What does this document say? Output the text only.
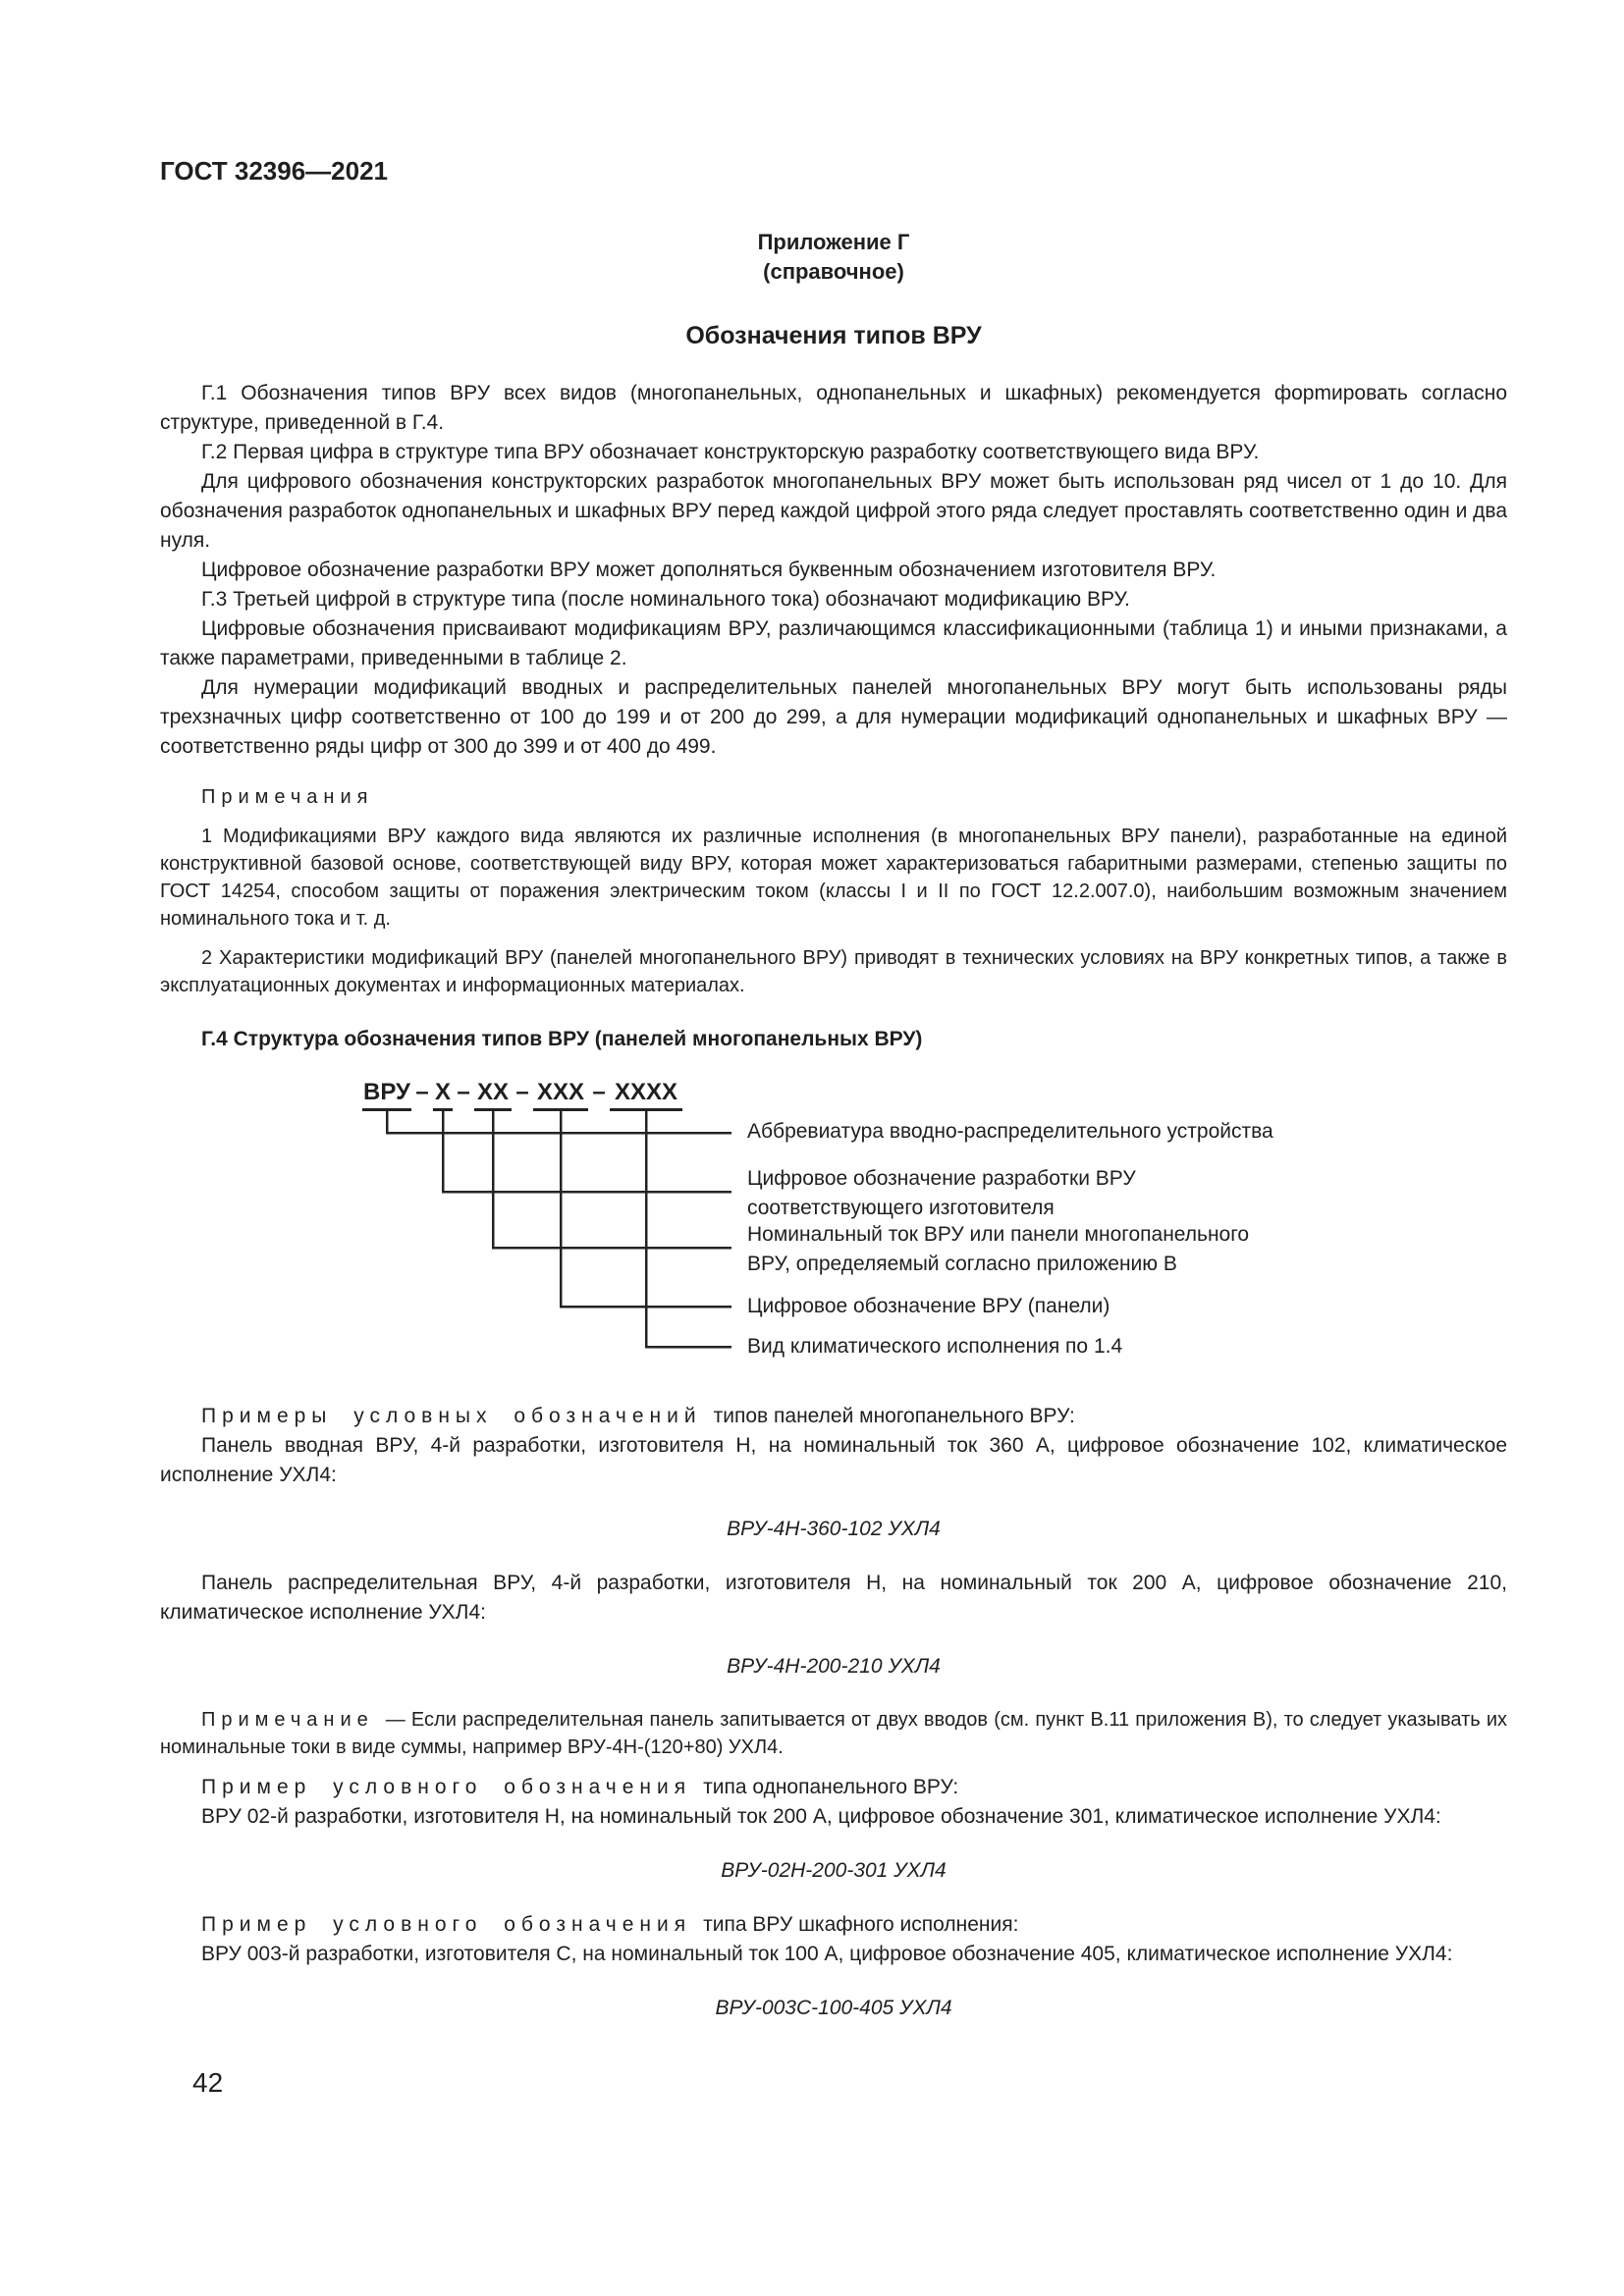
ГОСТ 32396—2021
Приложение Г
(справочное)
Обозначения типов ВРУ

Г.1 Обозначения типов ВРУ всех видов (многопанельных, однопанельных и шкафных) рекомендуется форmировать согласно структуре, приведенной в Г.4.

Г.2 Первая цифра в структуре типа ВРУ обозначает конструкторскую разработку соответствующего вида ВРУ.

Для цифрового обозначения конструкторских разработок многопанельных ВРУ может быть использован ряд чисел от 1 до 10. Для обозначения разработок однопанельных и шкафных ВРУ перед каждой цифрой этого ряда следует проставлять соответственно один и два нуля.

Цифровое обозначение разработки ВРУ может дополняться буквенным обозначением изготовителя ВРУ.

Г.3 Третьей цифрой в структуре типа (после номинального тока) обозначают модификацию ВРУ.

Цифровые обозначения присваивают модификациям ВРУ, различающимся классификационными (таблица 1) и иными признаками, а также параметрами, приведенными в таблице 2.

Для нумерации модификаций вводных и распределительных панелей многопанельных ВРУ могут быть использованы ряды трехзначных цифр соответственно от 100 до 199 и от 200 до 299, а для нумерации модификаций однопанельных и шкафных ВРУ — соответственно ряды цифр от 300 до 399 и от 400 до 499.

Примечания

1 Модификациями ВРУ каждого вида являются их различные исполнения (в многопанельных ВРУ панели), разработанные на единой конструктивной базовой основе, соответствующей виду ВРУ, которая может характеризоваться габаритными размерами, степенью защиты по ГОСТ 14254, способом защиты от поражения электрическим током (классы I и II по ГОСТ 12.2.007.0), наибольшим возможным значением номинального тока и т. д.

2 Характеристики модификаций ВРУ (панелей многопанельного ВРУ) приводят в технических условиях на ВРУ конкретных типов, а также в эксплуатационных документах и информационных материалах.

Г.4 Структура обозначения типов ВРУ (панелей многопанельных ВРУ)
ВРУ – Х – ХХ – ХХХ – ХХХХ
Аббревиатура вводно-распределительного устройства
Цифровое обозначение разработки ВРУ
соответствующего изготовителя
Номинальный ток ВРУ или панели многопанельного
ВРУ, определяемый согласно приложению В
Цифровое обозначение ВРУ (панели)
Вид климатического исполнения по 1.4

Примеры условных обозначений типов панелей многопанельного ВРУ:

Панель вводная ВРУ, 4-й разработки, изготовителя Н, на номинальный ток 360 А, цифровое обозначение 102, климатическое исполнение УХЛ4:

ВРУ-4Н-360-102 УХЛ4

Панель распределительная ВРУ, 4-й разработки, изготовителя Н, на номинальный ток 200 А, цифровое обозначение 210, климатическое исполнение УХЛ4:

ВРУ-4Н-200-210 УХЛ4

Примечание — Если распределительная панель запитывается от двух вводов (см. пункт В.11 приложения В), то следует указывать их номинальные токи в виде суммы, например ВРУ-4Н-(120+80) УХЛ4.

Пример условного обозначения типа однопанельного ВРУ:

ВРУ 02-й разработки, изготовителя Н, на номинальный ток 200 А, цифровое обозначение 301, климатическое исполнение УХЛ4:

ВРУ-02Н-200-301 УХЛ4

Пример условного обозначения типа ВРУ шкафного исполнения:

ВРУ 003-й разработки, изготовителя С, на номинальный ток 100 А, цифровое обозначение 405, климатическое исполнение УХЛ4:

ВРУ-003С-100-405 УХЛ4
42
